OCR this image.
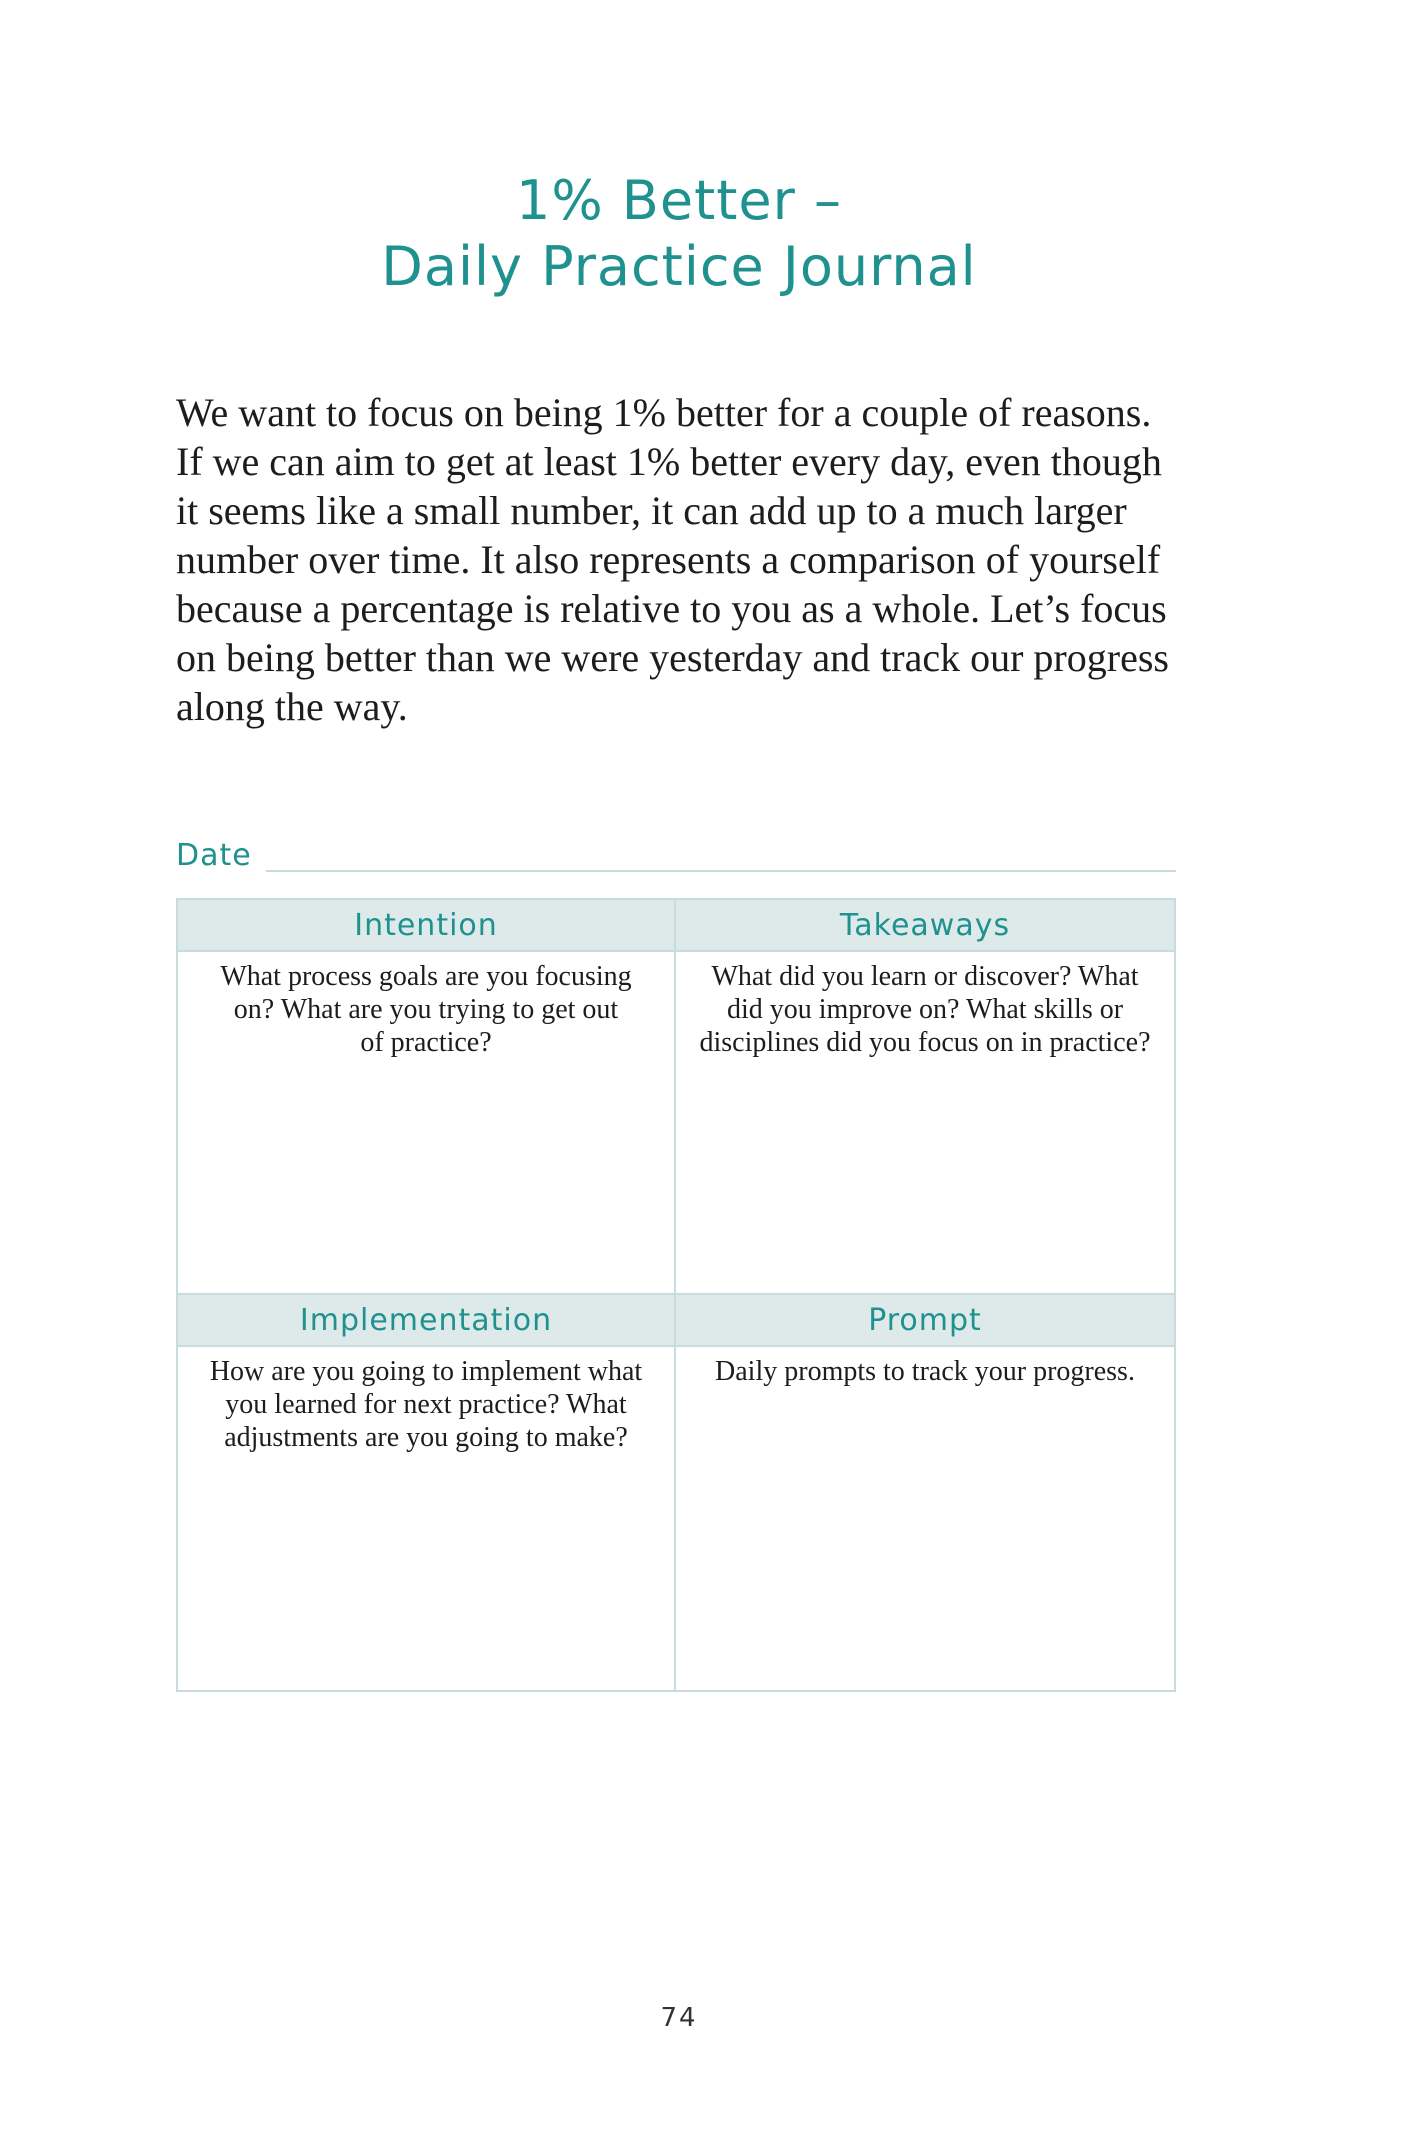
1% Better –
Daily Practice Journal
We want to focus on being 1% better for a couple of reasons.
If we can aim to get at least 1% better every day, even though
it seems like a small number, it can add up to a much larger
number over time. It also represents a comparison of yourself
because a percentage is relative to you as a whole. Let’s focus
on being better than we were yesterday and track our progress
along the way.
Date
Intention
What process goals are you focusing
on? What are you trying to get out
of practice?
Takeaways
What did you learn or discover? What
did you improve on? What skills or
disciplines did you focus on in practice?
Implementation
How are you going to implement what
you learned for next practice? What
adjustments are you going to make?
Prompt
Daily prompts to track your progress.
74
